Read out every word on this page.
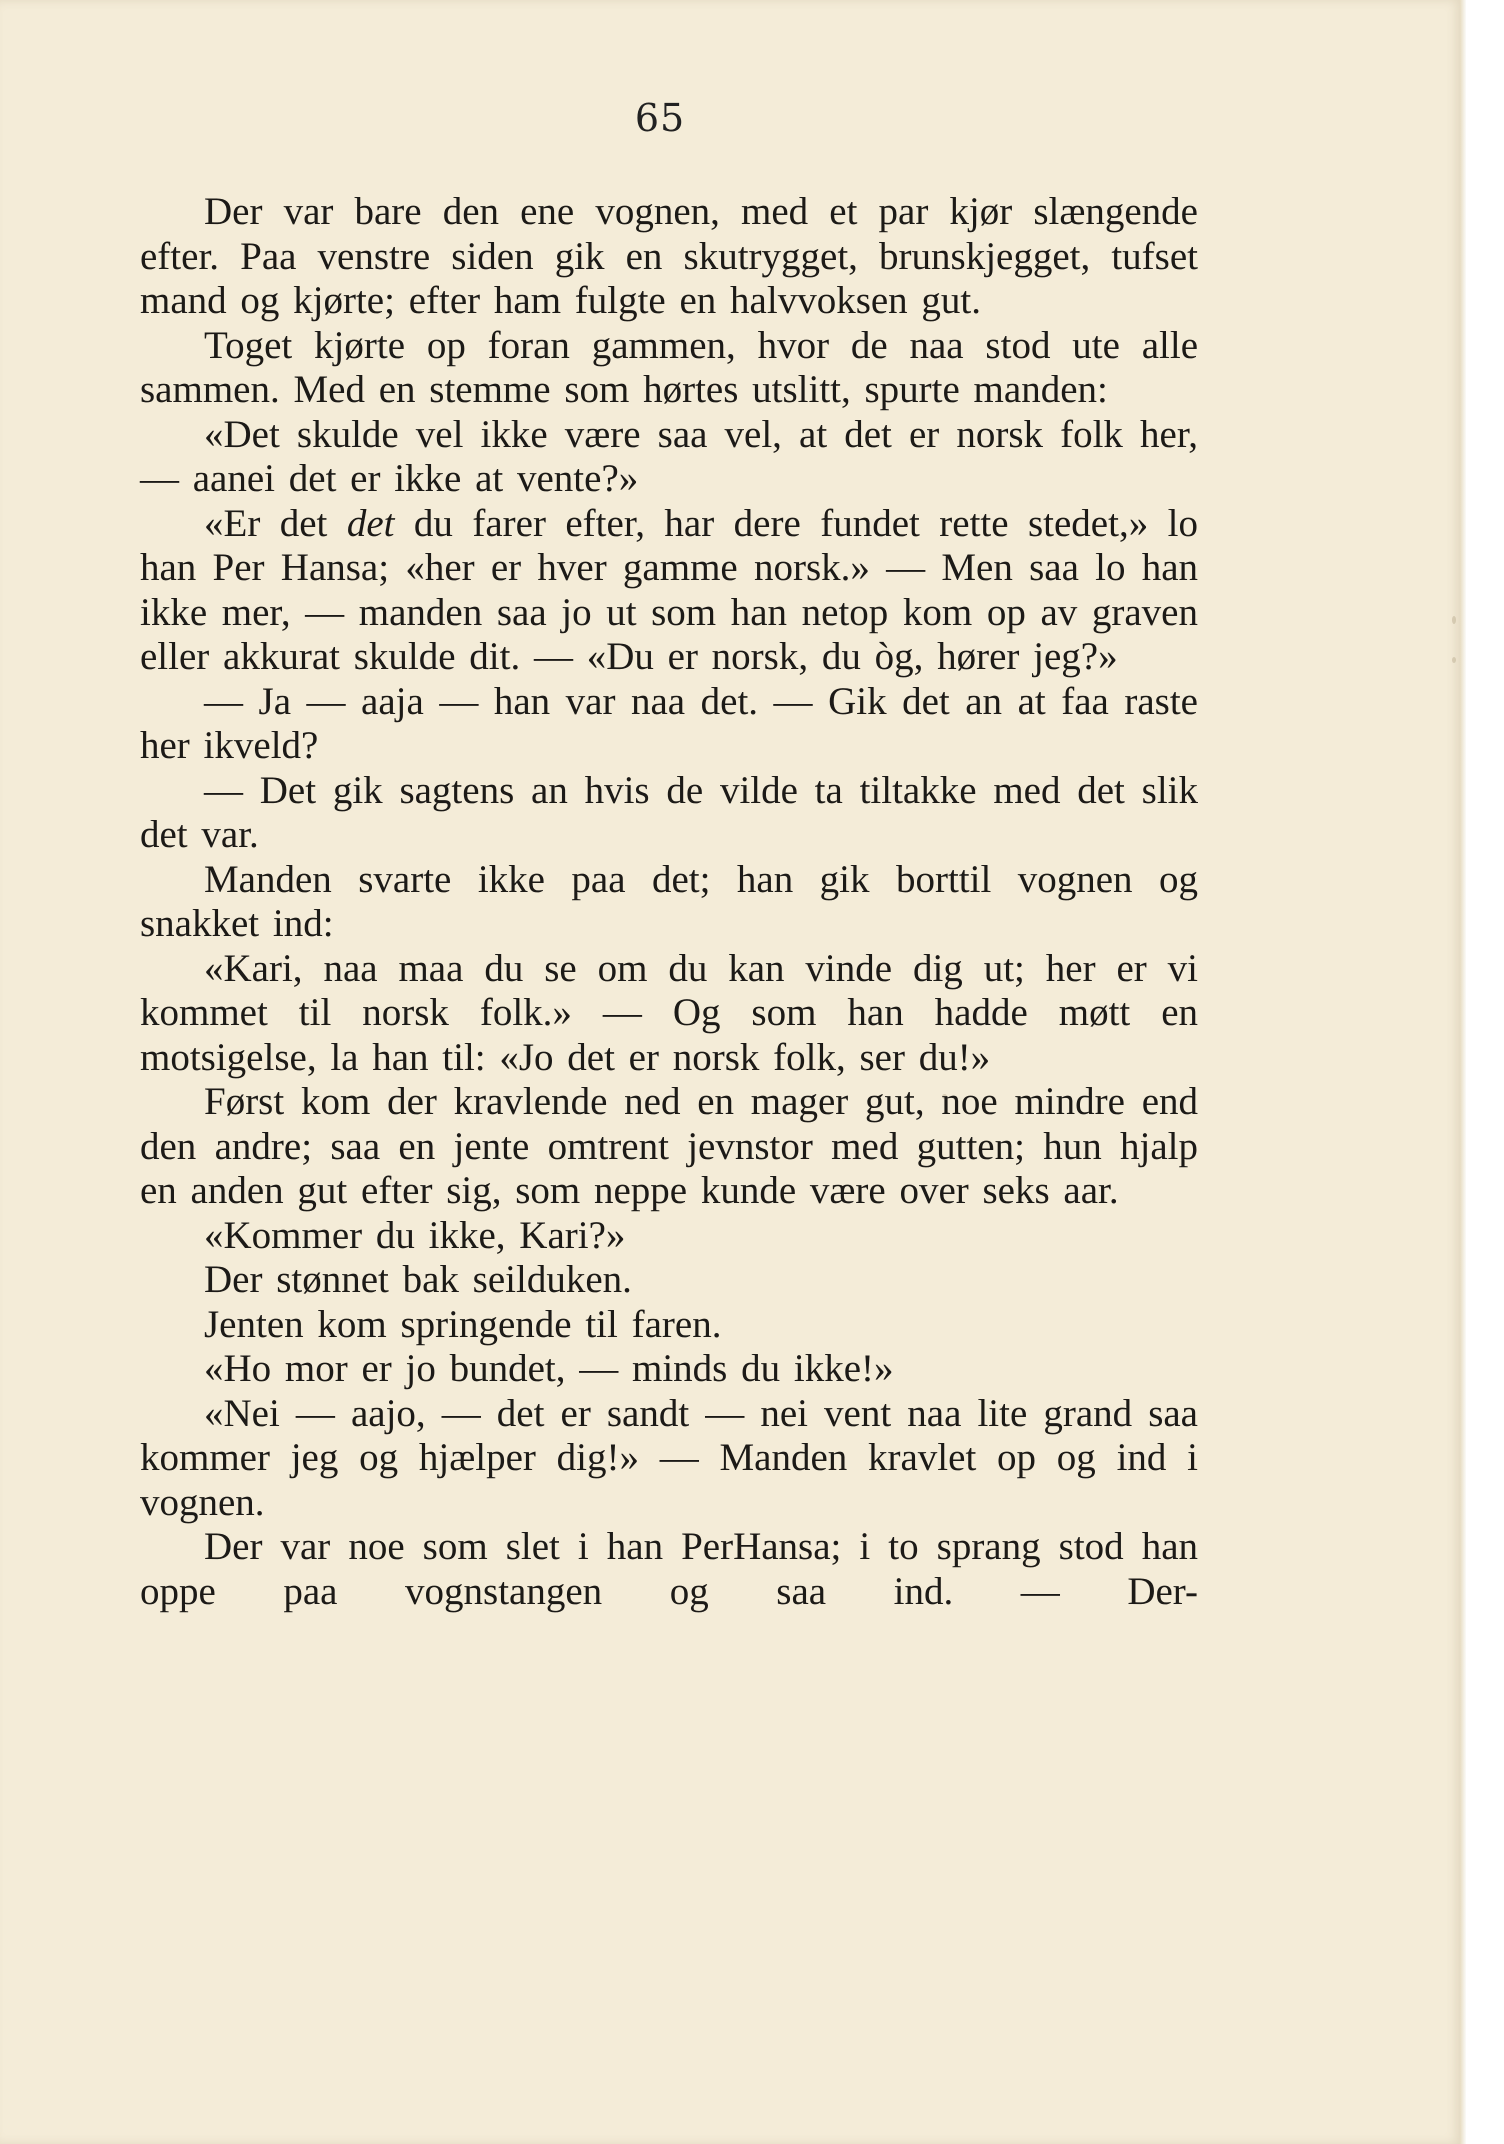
65

Der var bare den ene vognen, med et par kjør slængende efter. Paa venstre siden gik en skutrygget, brunskjegget, tufset mand og kjørte; efter ham fulgte en halvvoksen gut.

Toget kjørte op foran gammen, hvor de naa stod ute alle sammen. Med en stemme som hørtes utslitt, spurte manden:

«Det skulde vel ikke være saa vel, at det er norsk folk her, — aanei det er ikke at vente?»

«Er det det du farer efter, har dere fundet rette stedet,» lo han Per Hansa; «her er hver gamme norsk.» — Men saa lo han ikke mer, — manden saa jo ut som han netop kom op av graven eller akkurat skulde dit. — «Du er norsk, du òg, hører jeg?»

— Ja — aaja — han var naa det. — Gik det an at faa raste her ikveld?

— Det gik sagtens an hvis de vilde ta tiltakke med det slik det var.

Manden svarte ikke paa det; han gik borttil vognen og snakket ind:

«Kari, naa maa du se om du kan vinde dig ut; her er vi kommet til norsk folk.» — Og som han hadde møtt en motsigelse, la han til: «Jo det er norsk folk, ser du!»

Først kom der kravlende ned en mager gut, noe mindre end den andre; saa en jente omtrent jevnstor med gutten; hun hjalp en anden gut efter sig, som neppe kunde være over seks aar.

«Kommer du ikke, Kari?»

Der stønnet bak seilduken.

Jenten kom springende til faren.

«Ho mor er jo bundet, — minds du ikke!»

«Nei — aajo, — det er sandt — nei vent naa lite grand saa kommer jeg og hjælper dig!» — Manden kravlet op og ind i vognen.

Der var noe som slet i han PerHansa; i to sprang stod han oppe paa vognstangen og saa ind. — Der-
